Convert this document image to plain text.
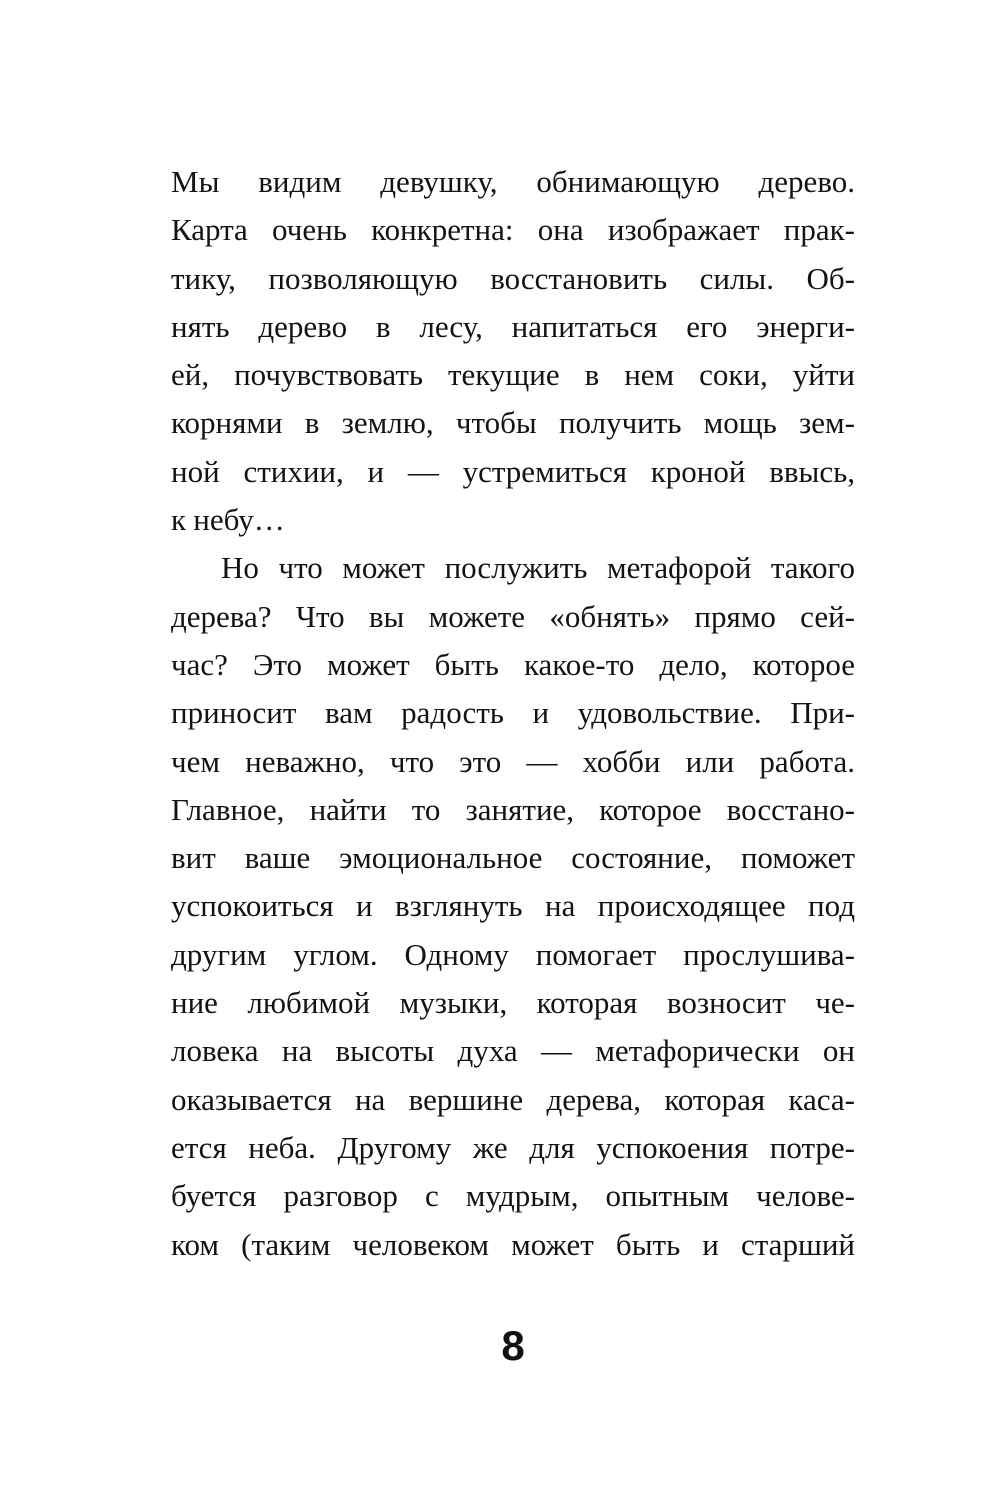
Мы видим девушку, обнимающую дерево.
Карта очень конкретна: она изображает прак-
тику, позволяющую восстановить силы. Об-
нять дерево в лесу, напитаться его энерги-
ей, почувствовать текущие в нем соки, уйти
корнями в землю, чтобы получить мощь зем-
ной стихии, и — устремиться кроной ввысь,
к небу…
Но что может послужить метафорой такого
дерева? Что вы можете «обнять» прямо сей-
час? Это может быть какое-то дело, которое
приносит вам радость и удовольствие. При-
чем неважно, что это — хобби или работа.
Главное, найти то занятие, которое восстано-
вит ваше эмоциональное состояние, поможет
успокоиться и взглянуть на происходящее под
другим углом. Одному помогает прослушива-
ние любимой музыки, которая возносит че-
ловека на высоты духа — метафорически он
оказывается на вершине дерева, которая каса-
ется неба. Другому же для успокоения потре-
буется разговор с мудрым, опытным челове-
ком (таким человеком может быть и старший
8
